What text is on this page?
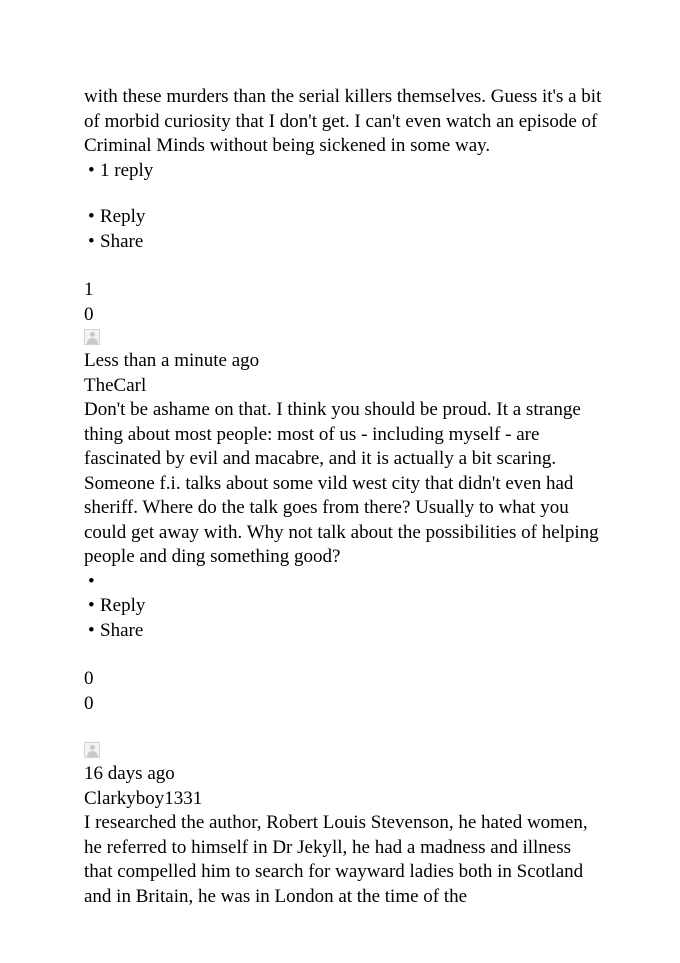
with these murders than the serial killers themselves. Guess it's a bit of morbid curiosity that I don't get. I can't even watch an episode of Criminal Minds without being sickened in some way.

• 1 reply
• Reply
• Share

1

0

Less than a minute ago

TheCarl

Don't be ashame on that. I think you should be proud. It a strange thing about most people: most of us - including myself - are fascinated by evil and macabre, and it is actually a bit scaring. Someone f.i. talks about some vild west city that didn't even had sheriff. Where do the talk goes from there? Usually to what you could get away with. Why not talk about the possibilities of helping people and ding something good?

•
• Reply
• Share

0

0

16 days ago

Clarkyboy1331

I researched the author, Robert Louis Stevenson, he hated women, he referred to himself in Dr Jekyll, he had a madness and illness that compelled him to search for wayward ladies both in Scotland and in Britain, he was in London at the time of the
